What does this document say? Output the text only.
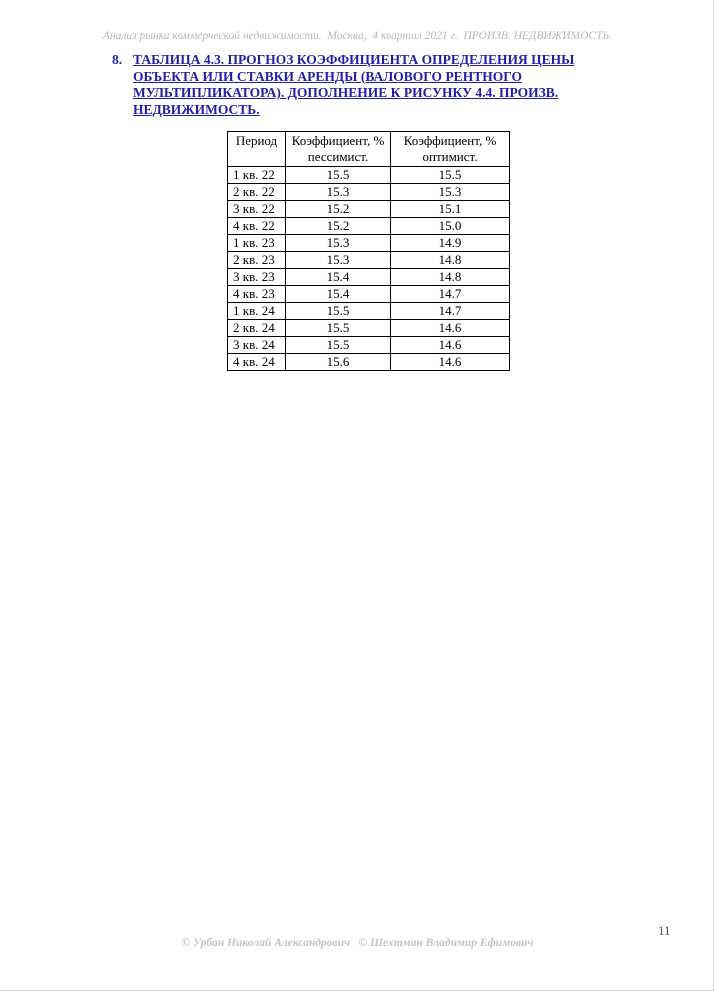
Анализ рынка коммерческой недвижимости.  Москва,  4 квартал 2021 г.  ПРОИЗВ. НЕДВИЖИМОСТЬ.
8. ТАБЛИЦА 4.3. ПРОГНОЗ КОЭФФИЦИЕНТА ОПРЕДЕЛЕНИЯ ЦЕНЫ ОБЪЕКТА ИЛИ СТАВКИ АРЕНДЫ (ВАЛОВОГО РЕНТНОГО МУЛЬТИПЛИКАТОРА). ДОПОЛНЕНИЕ К РИСУНКУ 4.4. ПРОИЗВ. НЕДВИЖИМОСТЬ.
Период	Коэффициент, % пессимист.	Коэффициент, % оптимист.
1 кв. 22	15.5	15.5
2 кв. 22	15.3	15.3
3 кв. 22	15.2	15.1
4 кв. 22	15.2	15.0
1 кв. 23	15.3	14.9
2 кв. 23	15.3	14.8
3 кв. 23	15.4	14.8
4 кв. 23	15.4	14.7
1 кв. 24	15.5	14.7
2 кв. 24	15.5	14.6
3 кв. 24	15.5	14.6
4 кв. 24	15.6	14.6
11
© Урбан Николай Александрович   © Шехтман Владимир Ефимович
